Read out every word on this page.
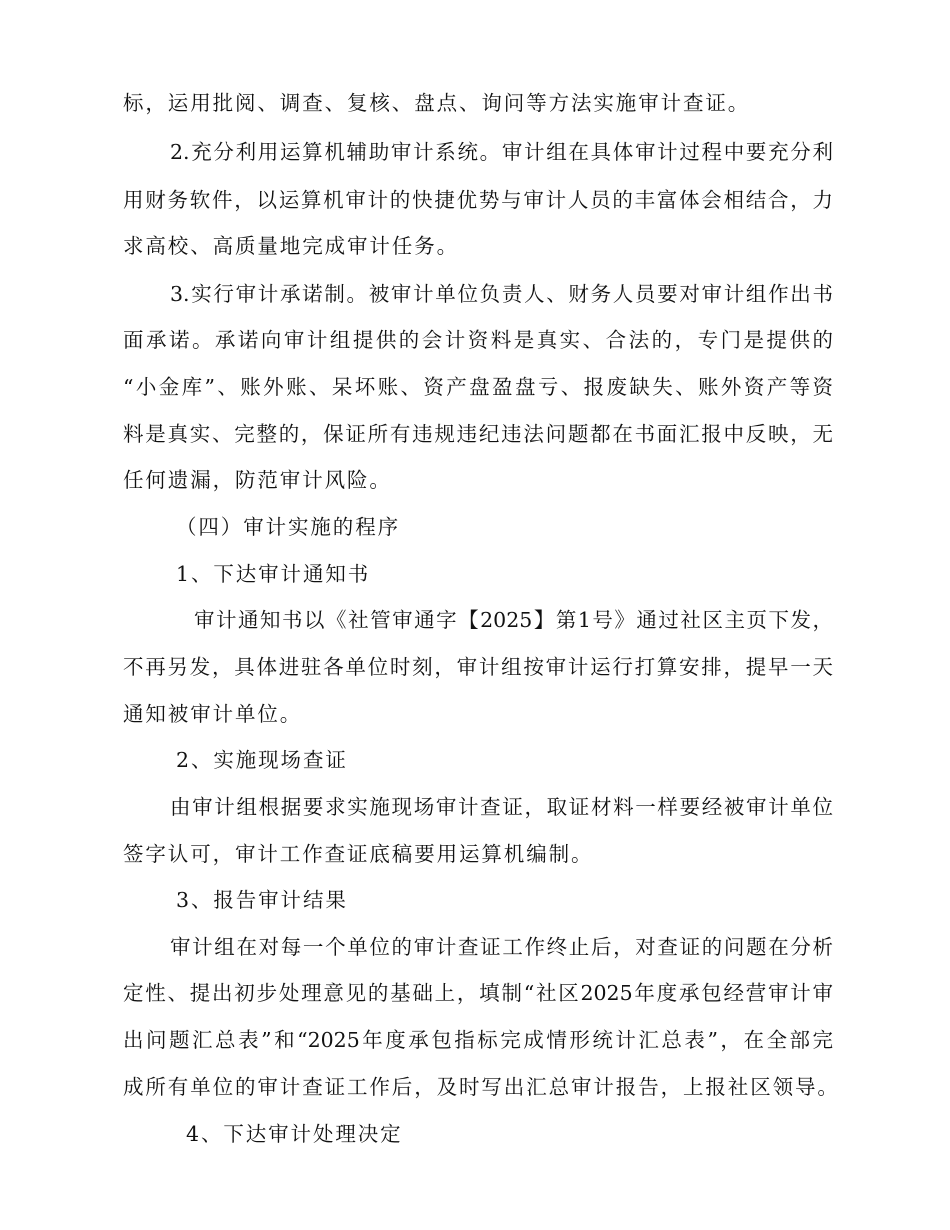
标，运用批阅、调查、复核、盘点、询问等方法实施审计查证。
2.充分利用运算机辅助审计系统。审计组在具体审计过程中要充分利
用财务软件，以运算机审计的快捷优势与审计人员的丰富体会相结合，力
求高校、高质量地完成审计任务。
3.实行审计承诺制。被审计单位负责人、财务人员要对审计组作出书
面承诺。承诺向审计组提供的会计资料是真实、合法的，专门是提供的
“小金库”、账外账、呆坏账、资产盘盈盘亏、报废缺失、账外资产等资
料是真实、完整的，保证所有违规违纪违法问题都在书面汇报中反映，无
任何遗漏，防范审计风险。
（四）审计实施的程序
1、下达审计通知书
审计通知书以《社管审通字【2025】第1号》通过社区主页下发，
不再另发，具体进驻各单位时刻，审计组按审计运行打算安排，提早一天
通知被审计单位。
2、实施现场查证
由审计组根据要求实施现场审计查证，取证材料一样要经被审计单位
签字认可，审计工作查证底稿要用运算机编制。
3、报告审计结果
审计组在对每一个单位的审计查证工作终止后，对查证的问题在分析
定性、提出初步处理意见的基础上，填制“社区2025年度承包经营审计审
出问题汇总表”和“2025年度承包指标完成情形统计汇总表”，在全部完
成所有单位的审计查证工作后，及时写出汇总审计报告，上报社区领导。
4、下达审计处理决定
